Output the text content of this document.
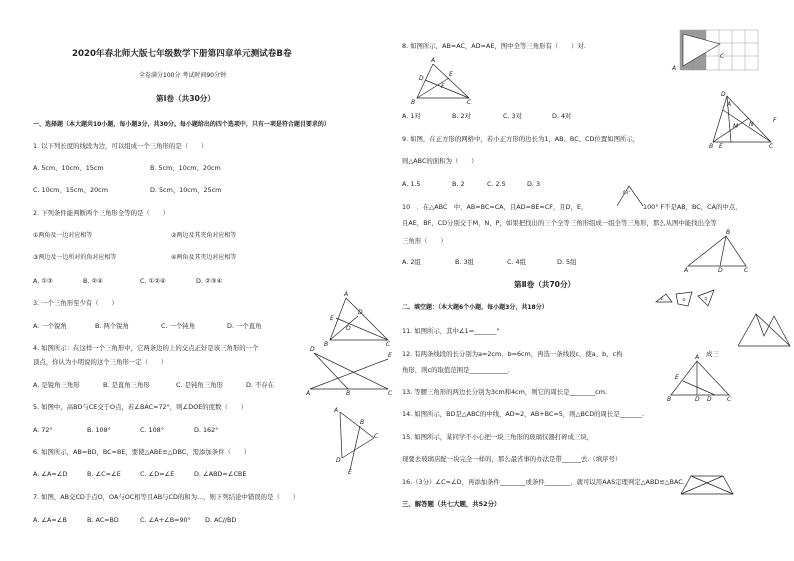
2020年春北师大版七年级数学下册第四章单元测试卷B卷
全卷满分100分 考试时间90分钟
第Ⅰ卷（共30分）
一、选择题（本大题共10小题，每小题3分，共30分。每小题给出的四个选项中，只有一项是符合题目要求的）
1. 以下列长度的线段为边，可以组成一个三角形的是（　　）
A. 5cm、10cm、15cm	B. 5cm、10cm、20cm
C. 10cm、15cm、20cm	D. 5cm、10cm、25cm
2. 下列条件能判断两个三角形全等的是（　　）
①两角及一边对应相等	②两边及其夹角对应相等
③两边及一边所对的角对应相等	④两角及其夹边对应相等
A. ①③	B. ②④	C. ①②④	D. ②③④
3. 一个三角形至少有（　　）
A. 一个锐角	B. 两个锐角	C. 一个钝角	D. 一个直角
4. 如图所示：在这样一个三角形中，它两条边的上的交点正好是该三角形的一个
顶点，你认为小明说的这个三角形一定（　　）
A. 是锐角三角形	B. 是直角三角形	C. 是钝角三角形	D. 不存在
5. 如图中，高BD与CE交于O点，若∠BAC=72°，则∠DOE的度数（　　）
A. 72°	B. 108°	C. 108°	D. 162°
6. 如图所示，AB=BD，BC=BE，要使△ABE≌△DBC，需添加条件（　　）
A. ∠A=∠D	B. ∠C=∠E	C. ∠D=∠E	D. ∠ABD=∠CBE
7. 如图，AB交CD于点O，OA与OC相等且AB与CD的和为...，则下列结论中错误的是（　　）
A. ∠A=∠B	B. AC=BD	C. ∠A+∠B=90° D. AC//BD
A
E
D
B	C
O
A
D
E
C
B
A
B
C
D
E
8. 如图所示，AB=AC，AD=AE，图中全等三角形有（　　）对.
A. 1对	B. 2对	C. 3对	D. 4对
9. 如图，在正方形的网格中，若小正方形的边长为1，AB、BC、CD位置如图所示，
则△ABC的面积为（　　）
A. 1.5	B. 2	C. 2.5	D. 3
10　．在△ABC　中，AB=BC=CA，且AD=BE=CF，且D，E，	100° F不是AB，BC，CA的中点，
且AE，BF，CD分别交于M，N，P，如果把找出的三个全等三角形组成一组全等三角形，那么从图中能找出全等
三角形（　　）
A. 2组	B. 3组	C. 4组	D. 5组
第Ⅱ卷（共70分）
二、填空题：（本大题6个小题，每小题3分，共18分）
11. 如图所示，其中∠1=_______°
12. 有两条线段的长分别为a=2cm，b=6cm，再选一条线段c，使a、b、c构	成三
角形，则c的取值范围是____________.
13. 等腰三角形的两边长分别为3cm和4cm，则它的周长是________cm.
14. 如图所示，BD是△ABC的中线，AD=2，AB+BC=5，则△BCD的周长是_______.
15. 如图所示，某同学不小心把一块三角形的玻璃仪器打碎成三块，
现要去玻璃店配一块完全一样的，那么最省事的办法是带______去.（填序号）
16.（3分）∠C=∠D，再添加条件________或条件________，就可以用AAS定理判定△ABD≌△BAC.
三、解答题（共七大题，共52分）
A
D
E
B	C
F
A
C
D
A
F
M N
B E	C
63°
B
A	D	C
①	②	③
A
E
B	D D	C
